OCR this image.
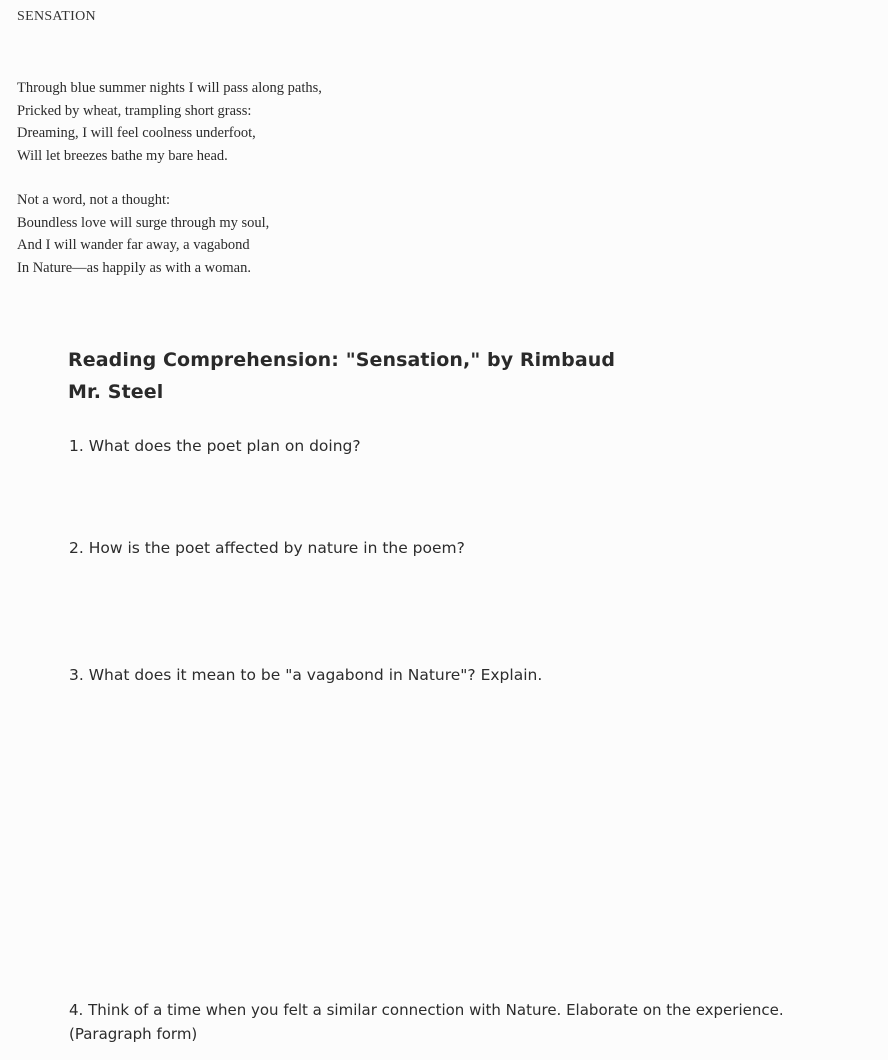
SENSATION
Through blue summer nights I will pass along paths,
Pricked by wheat, trampling short grass:
Dreaming, I will feel coolness underfoot,
Will let breezes bathe my bare head.
Not a word, not a thought:
Boundless love will surge through my soul,
And I will wander far away, a vagabond
In Nature—as happily as with a woman.
Reading Comprehension: "Sensation," by Rimbaud
Mr. Steel
1. What does the poet plan on doing?
2. How is the poet affected by nature in the poem?
3. What does it mean to be "a vagabond in Nature"? Explain.
4. Think of a time when you felt a similar connection with Nature. Elaborate on the experience.
(Paragraph form)
